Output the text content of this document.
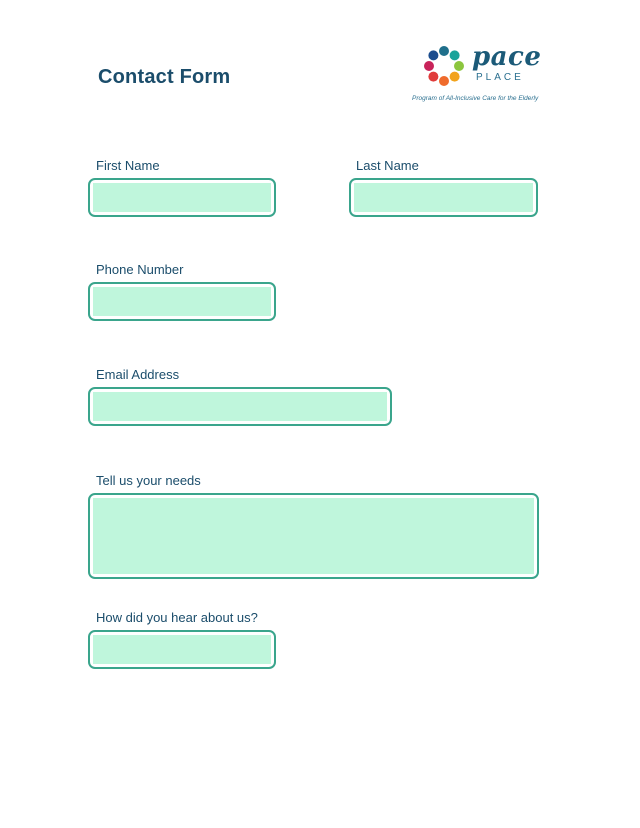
Contact Form
pace
PLACE
Program of All-Inclusive Care for the Elderly
First Name	Last Name
Phone Number
Email Address
Tell us your needs
How did you hear about us?
